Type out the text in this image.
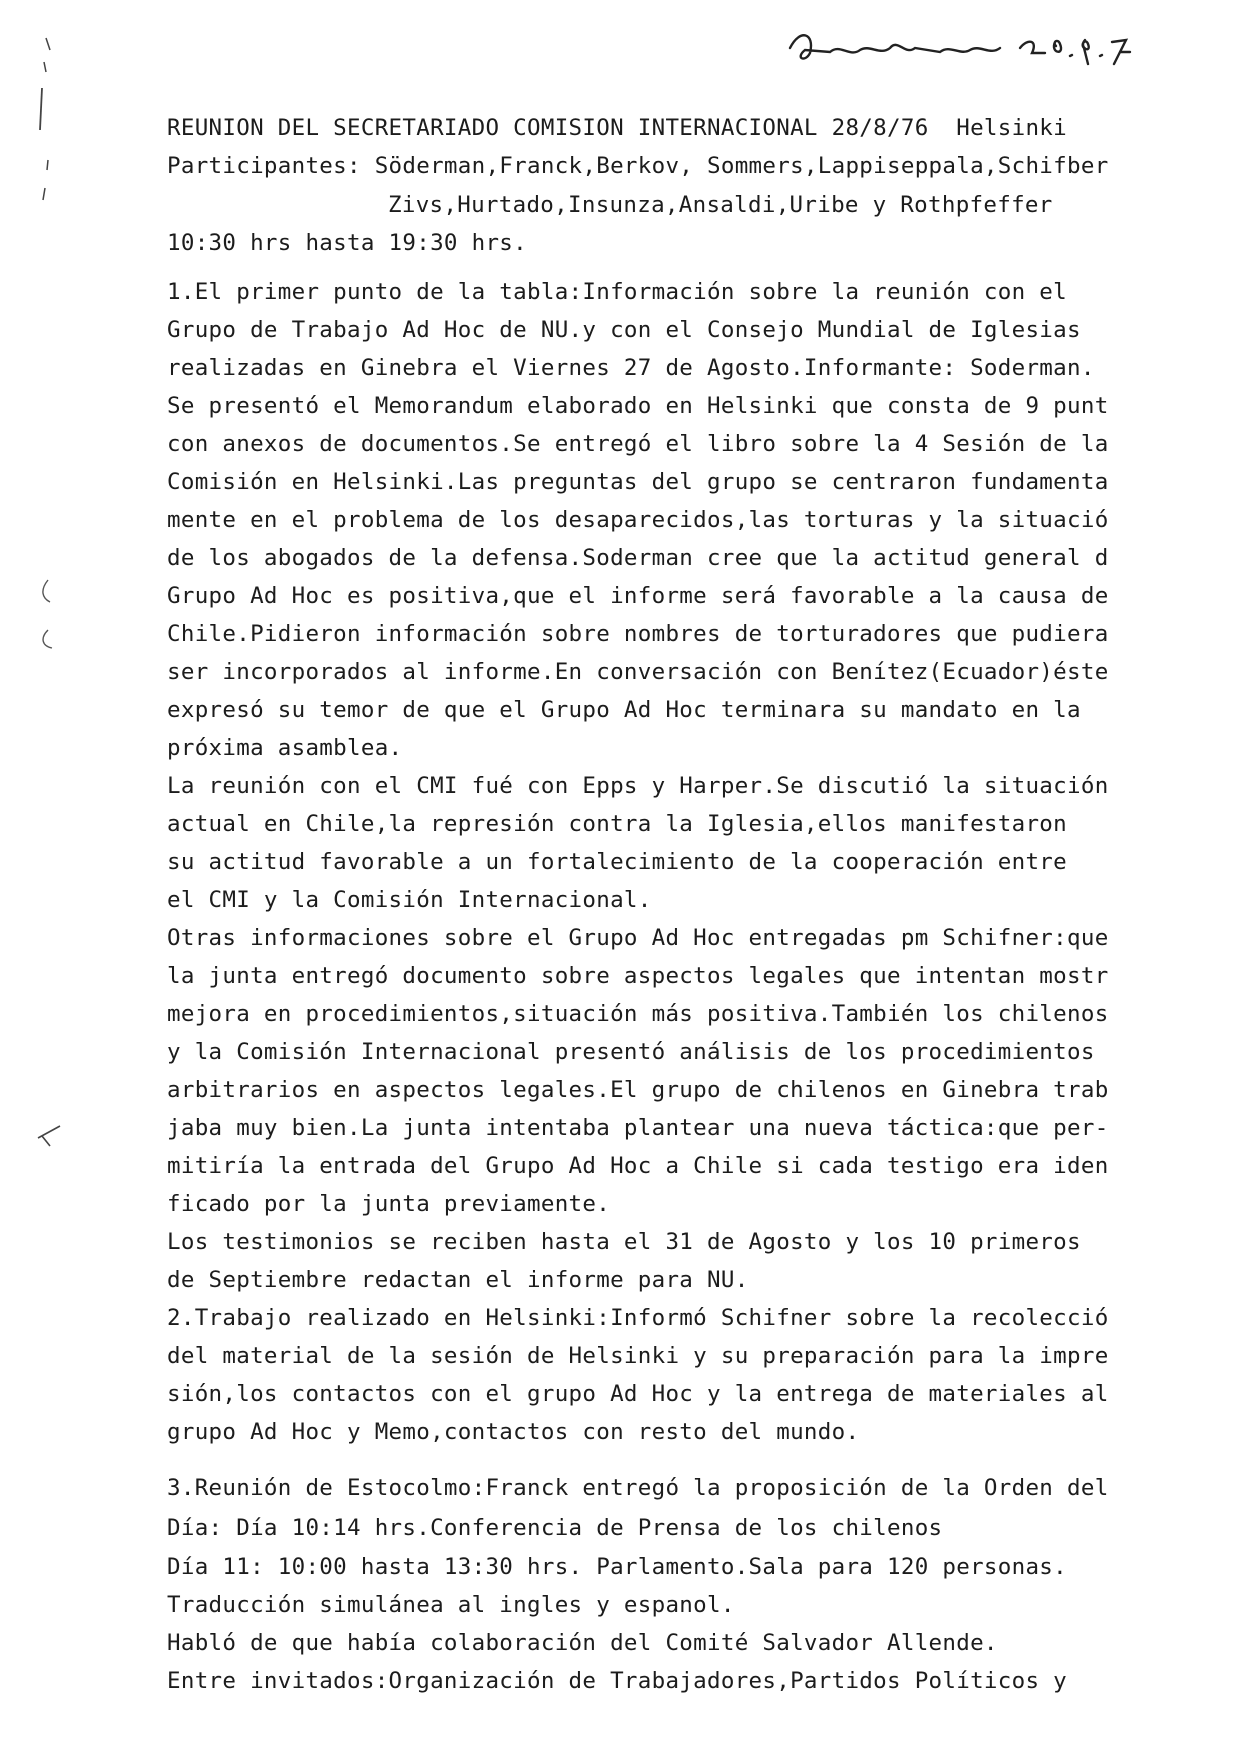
REUNION DEL SECRETARIADO COMISION INTERNACIONAL 28/8/76  Helsinki
Participantes: Söderman,Franck,Berkov, Sommers,Lappiseppala,Schifber
Zivs,Hurtado,Insunza,Ansaldi,Uribe y Rothpfeffer
10:30 hrs hasta 19:30 hrs.
1.El primer punto de la tabla:Información sobre la reunión con el
Grupo de Trabajo Ad Hoc de NU.y con el Consejo Mundial de Iglesias
realizadas en Ginebra el Viernes 27 de Agosto.Informante: Soderman.
Se presentó el Memorandum elaborado en Helsinki que consta de 9 punt
con anexos de documentos.Se entregó el libro sobre la 4 Sesión de la
Comisión en Helsinki.Las preguntas del grupo se centraron fundamenta
mente en el problema de los desaparecidos,las torturas y la situació
de los abogados de la defensa.Soderman cree que la actitud general d
Grupo Ad Hoc es positiva,que el informe será favorable a la causa de
Chile.Pidieron información sobre nombres de torturadores que pudiera
ser incorporados al informe.En conversación con Benítez(Ecuador)éste
expresó su temor de que el Grupo Ad Hoc terminara su mandato en la
próxima asamblea.
La reunión con el CMI fué con Epps y Harper.Se discutió la situación
actual en Chile,la represión contra la Iglesia,ellos manifestaron
su actitud favorable a un fortalecimiento de la cooperación entre
el CMI y la Comisión Internacional.
Otras informaciones sobre el Grupo Ad Hoc entregadas pm Schifner:que
la junta entregó documento sobre aspectos legales que intentan mostr
mejora en procedimientos,situación más positiva.También los chilenos
y la Comisión Internacional presentó análisis de los procedimientos
arbitrarios en aspectos legales.El grupo de chilenos en Ginebra trab
jaba muy bien.La junta intentaba plantear una nueva táctica:que per-
mitiría la entrada del Grupo Ad Hoc a Chile si cada testigo era iden
ficado por la junta previamente.
Los testimonios se reciben hasta el 31 de Agosto y los 10 primeros
de Septiembre redactan el informe para NU.
2.Trabajo realizado en Helsinki:Informó Schifner sobre la recolecció
del material de la sesión de Helsinki y su preparación para la impre
sión,los contactos con el grupo Ad Hoc y la entrega de materiales al
grupo Ad Hoc y Memo,contactos con resto del mundo.
3.Reunión de Estocolmo:Franck entregó la proposición de la Orden del
Día: Día 10:14 hrs.Conferencia de Prensa de los chilenos
Día 11: 10:00 hasta 13:30 hrs. Parlamento.Sala para 120 personas.
Traducción simulánea al ingles y espanol.
Habló de que había colaboración del Comité Salvador Allende.
Entre invitados:Organización de Trabajadores,Partidos Políticos y
